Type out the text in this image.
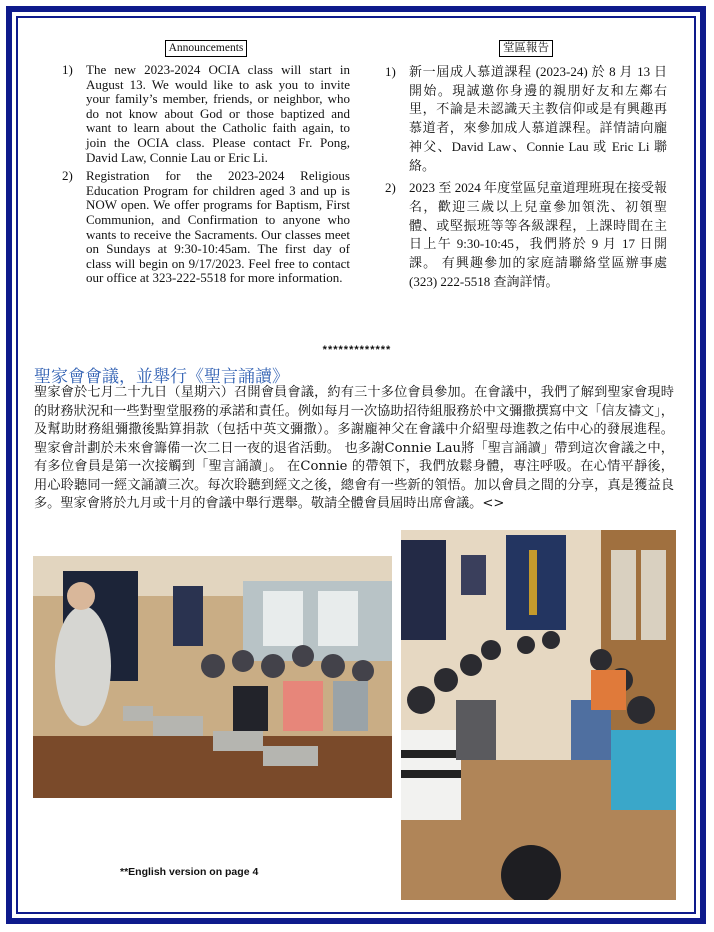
Announcements
1) The new 2023-2024 OCIA class will start in August 13. We would like to ask you to invite your family’s member, friends, or neighbor, who do not know about God or those baptized and want to learn about the Catholic faith again, to join the OCIA class. Please contact Fr. Pong, David Law, Connie Lau or Eric Li.
2) Registration for the 2023-2024 Religious Education Program for children aged 3 and up is NOW open. We offer programs for Baptism, First Communion, and Confirmation to anyone who wants to receive the Sacraments. Our classes meet on Sundays at 9:30-10:45am. The first day of class will begin on 9/17/2023. Feel free to contact our office at 323-222-5518 for more information.
堂區報告
1) 新一屆成人慕道課程 (2023-24) 於 8 月 13 日開始。現誠邀你身邊的親朋好友和左鄰右里，不論是未認識天主教信仰或是有興趣再慕道者，來參加成人慕道課程。詳情請向龐神父、David Law、Connie Lau 或 Eric Li 聯絡。
2) 2023 至 2024 年度堂區兒童道理班現在接受報名，歡迎三歲以上兒童參加領洗、初領聖體、或堅振班等等各級課程，上課時間在主日上午 9:30-10:45，我們將於 9 月 17 日開課。 有興趣參加的家庭請聯絡堂區辦事處 (323) 222-5518 查詢詳情。
*************
聖家會會議，並舉行《聖言誦讀》
聖家會於七月二十九日（星期六）召開會員會議，約有三十多位會員參加。在會議中，我們了解到聖家會現時的財務狀況和一些對聖堂服務的承諾和責任。例如每月一次協助招待組服務於中文彌撒撰寫中文「信友禱文」，及幫助財務組彌撒後點算捐款（包括中英文彌撒）。多謝龐神父在會議中介紹聖母進教之佑中心的發展進程。 聖家會計劃於未來會籌備一次二日一夜的退省活動。 也多謝Connie Lau將「聖言誦讀」帶到這次會議之中，有多位會員是第一次接觸到「聖言誦讀」。 在Connie 的帶領下，我們放鬆身體，專注呼吸。在心情平靜後，用心聆聽同一經文誦讀三次。每次聆聽到經文之後，總會有一些新的領悟。加以會員之間的分享，真是獲益良多。聖家會將於九月或十月的會議中舉行選舉。敬請全體會員屆時出席會議。<>
**English version on page 4
